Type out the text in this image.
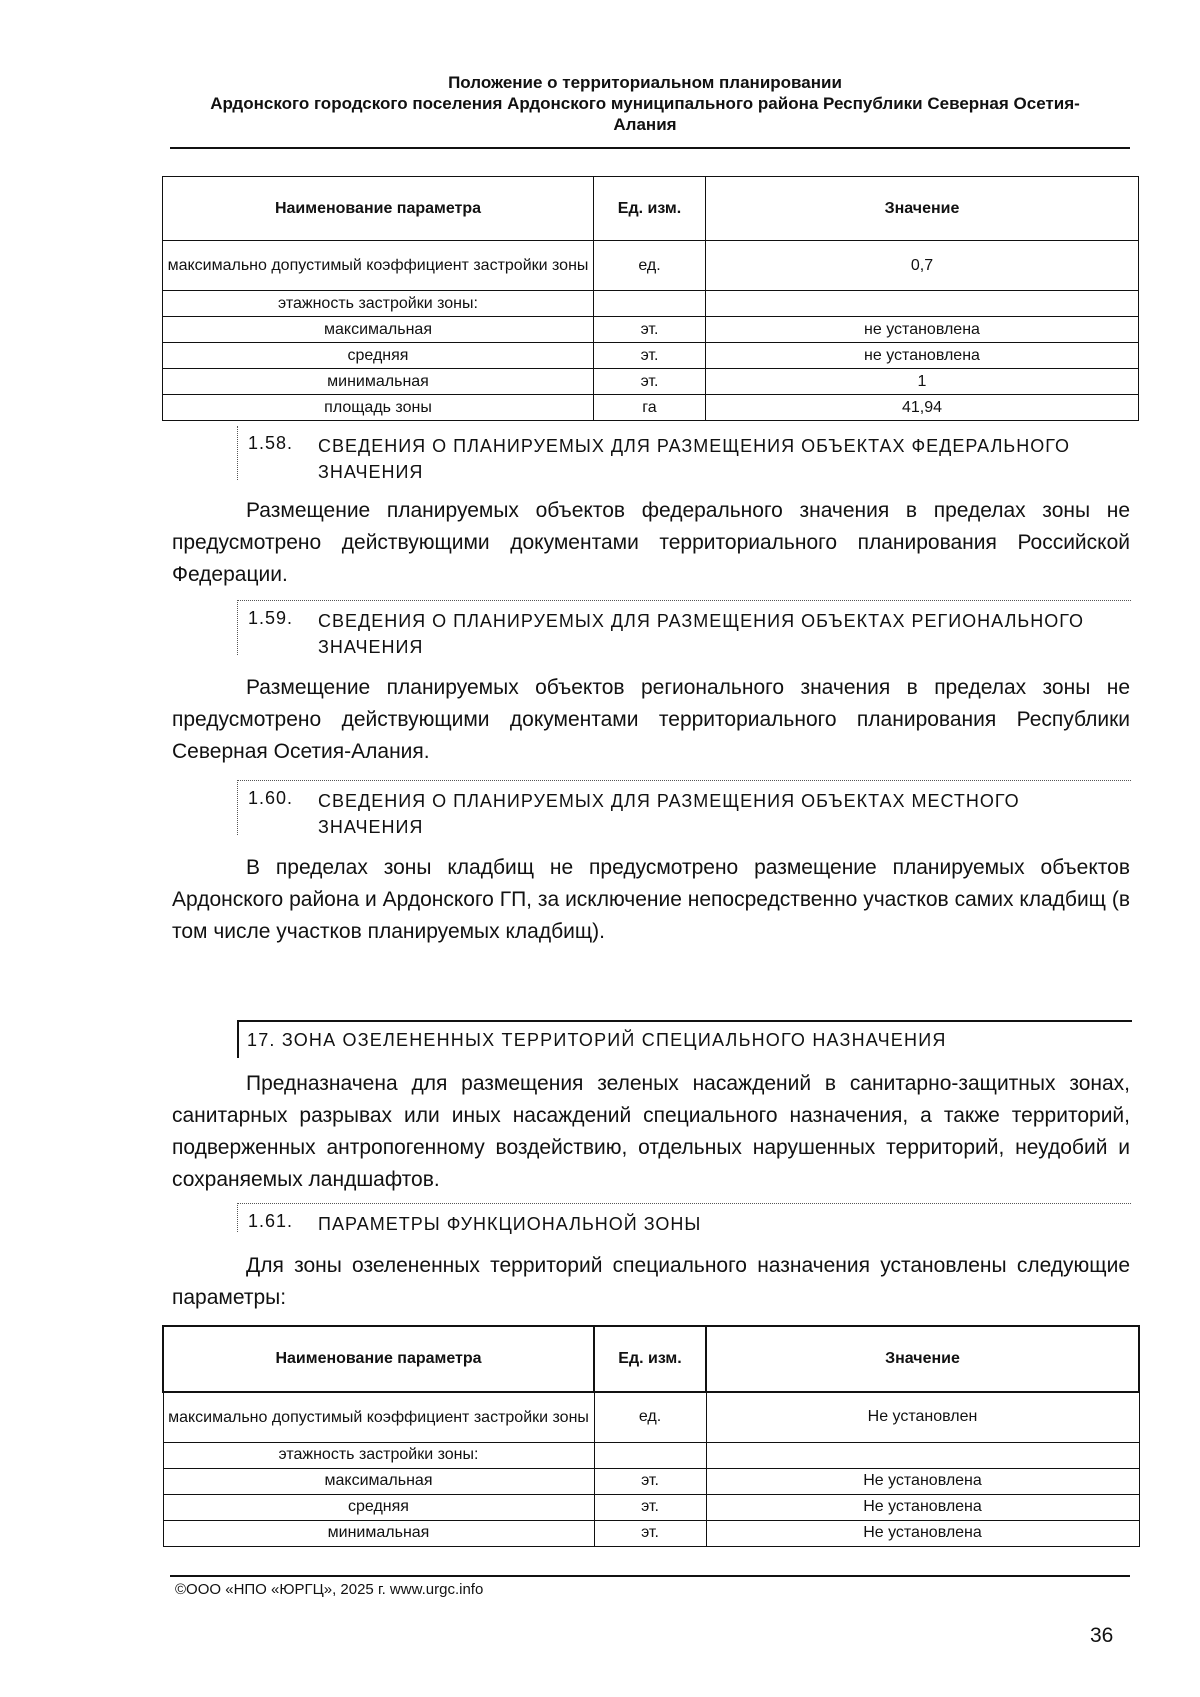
Положение о территориальном планировании
Ардонского городского поселения Ардонского муниципального района Республики Северная Осетия-
Алания
Наименование параметра	Ед. изм.	Значение
максимально допустимый коэффициент застройки зоны	ед.	0,7
этажность застройки зоны:		
максимальная	эт.	не установлена
средняя	эт.	не установлена
минимальная	эт.	1
площадь зоны	га	41,94
1.58. СВЕДЕНИЯ О ПЛАНИРУЕМЫХ ДЛЯ РАЗМЕЩЕНИЯ ОБЪЕКТАХ ФЕДЕРАЛЬНОГО ЗНАЧЕНИЯ
Размещение планируемых объектов федерального значения в пределах зоны не предусмотрено действующими документами территориального планирования Российской Федерации.
1.59. СВЕДЕНИЯ О ПЛАНИРУЕМЫХ ДЛЯ РАЗМЕЩЕНИЯ ОБЪЕКТАХ РЕГИОНАЛЬНОГО ЗНАЧЕНИЯ
Размещение планируемых объектов регионального значения в пределах зоны не предусмотрено действующими документами территориального планирования Республики Северная Осетия-Алания.
1.60. СВЕДЕНИЯ О ПЛАНИРУЕМЫХ ДЛЯ РАЗМЕЩЕНИЯ ОБЪЕКТАХ МЕСТНОГО ЗНАЧЕНИЯ
В пределах зоны кладбищ не предусмотрено размещение планируемых объектов Ардонского района и Ардонского ГП, за исключение непосредственно участков самих кладбищ (в том числе участков планируемых кладбищ).
17. ЗОНА ОЗЕЛЕНЕННЫХ ТЕРРИТОРИЙ СПЕЦИАЛЬНОГО НАЗНАЧЕНИЯ
Предназначена для размещения зеленых насаждений в санитарно-защитных зонах, санитарных разрывах или иных насаждений специального назначения, а также территорий, подверженных антропогенному воздействию, отдельных нарушенных территорий, неудобий и сохраняемых ландшафтов.
1.61. ПАРАМЕТРЫ ФУНКЦИОНАЛЬНОЙ ЗОНЫ
Для зоны озелененных территорий специального назначения установлены следующие параметры:
Наименование параметра	Ед. изм.	Значение
максимально допустимый коэффициент застройки зоны	ед.	Не установлен
этажность застройки зоны:		
максимальная	эт.	Не установлена
средняя	эт.	Не установлена
минимальная	эт.	Не установлена
©ООО «НПО «ЮРГЦ», 2025 г. www.urgc.info
36
